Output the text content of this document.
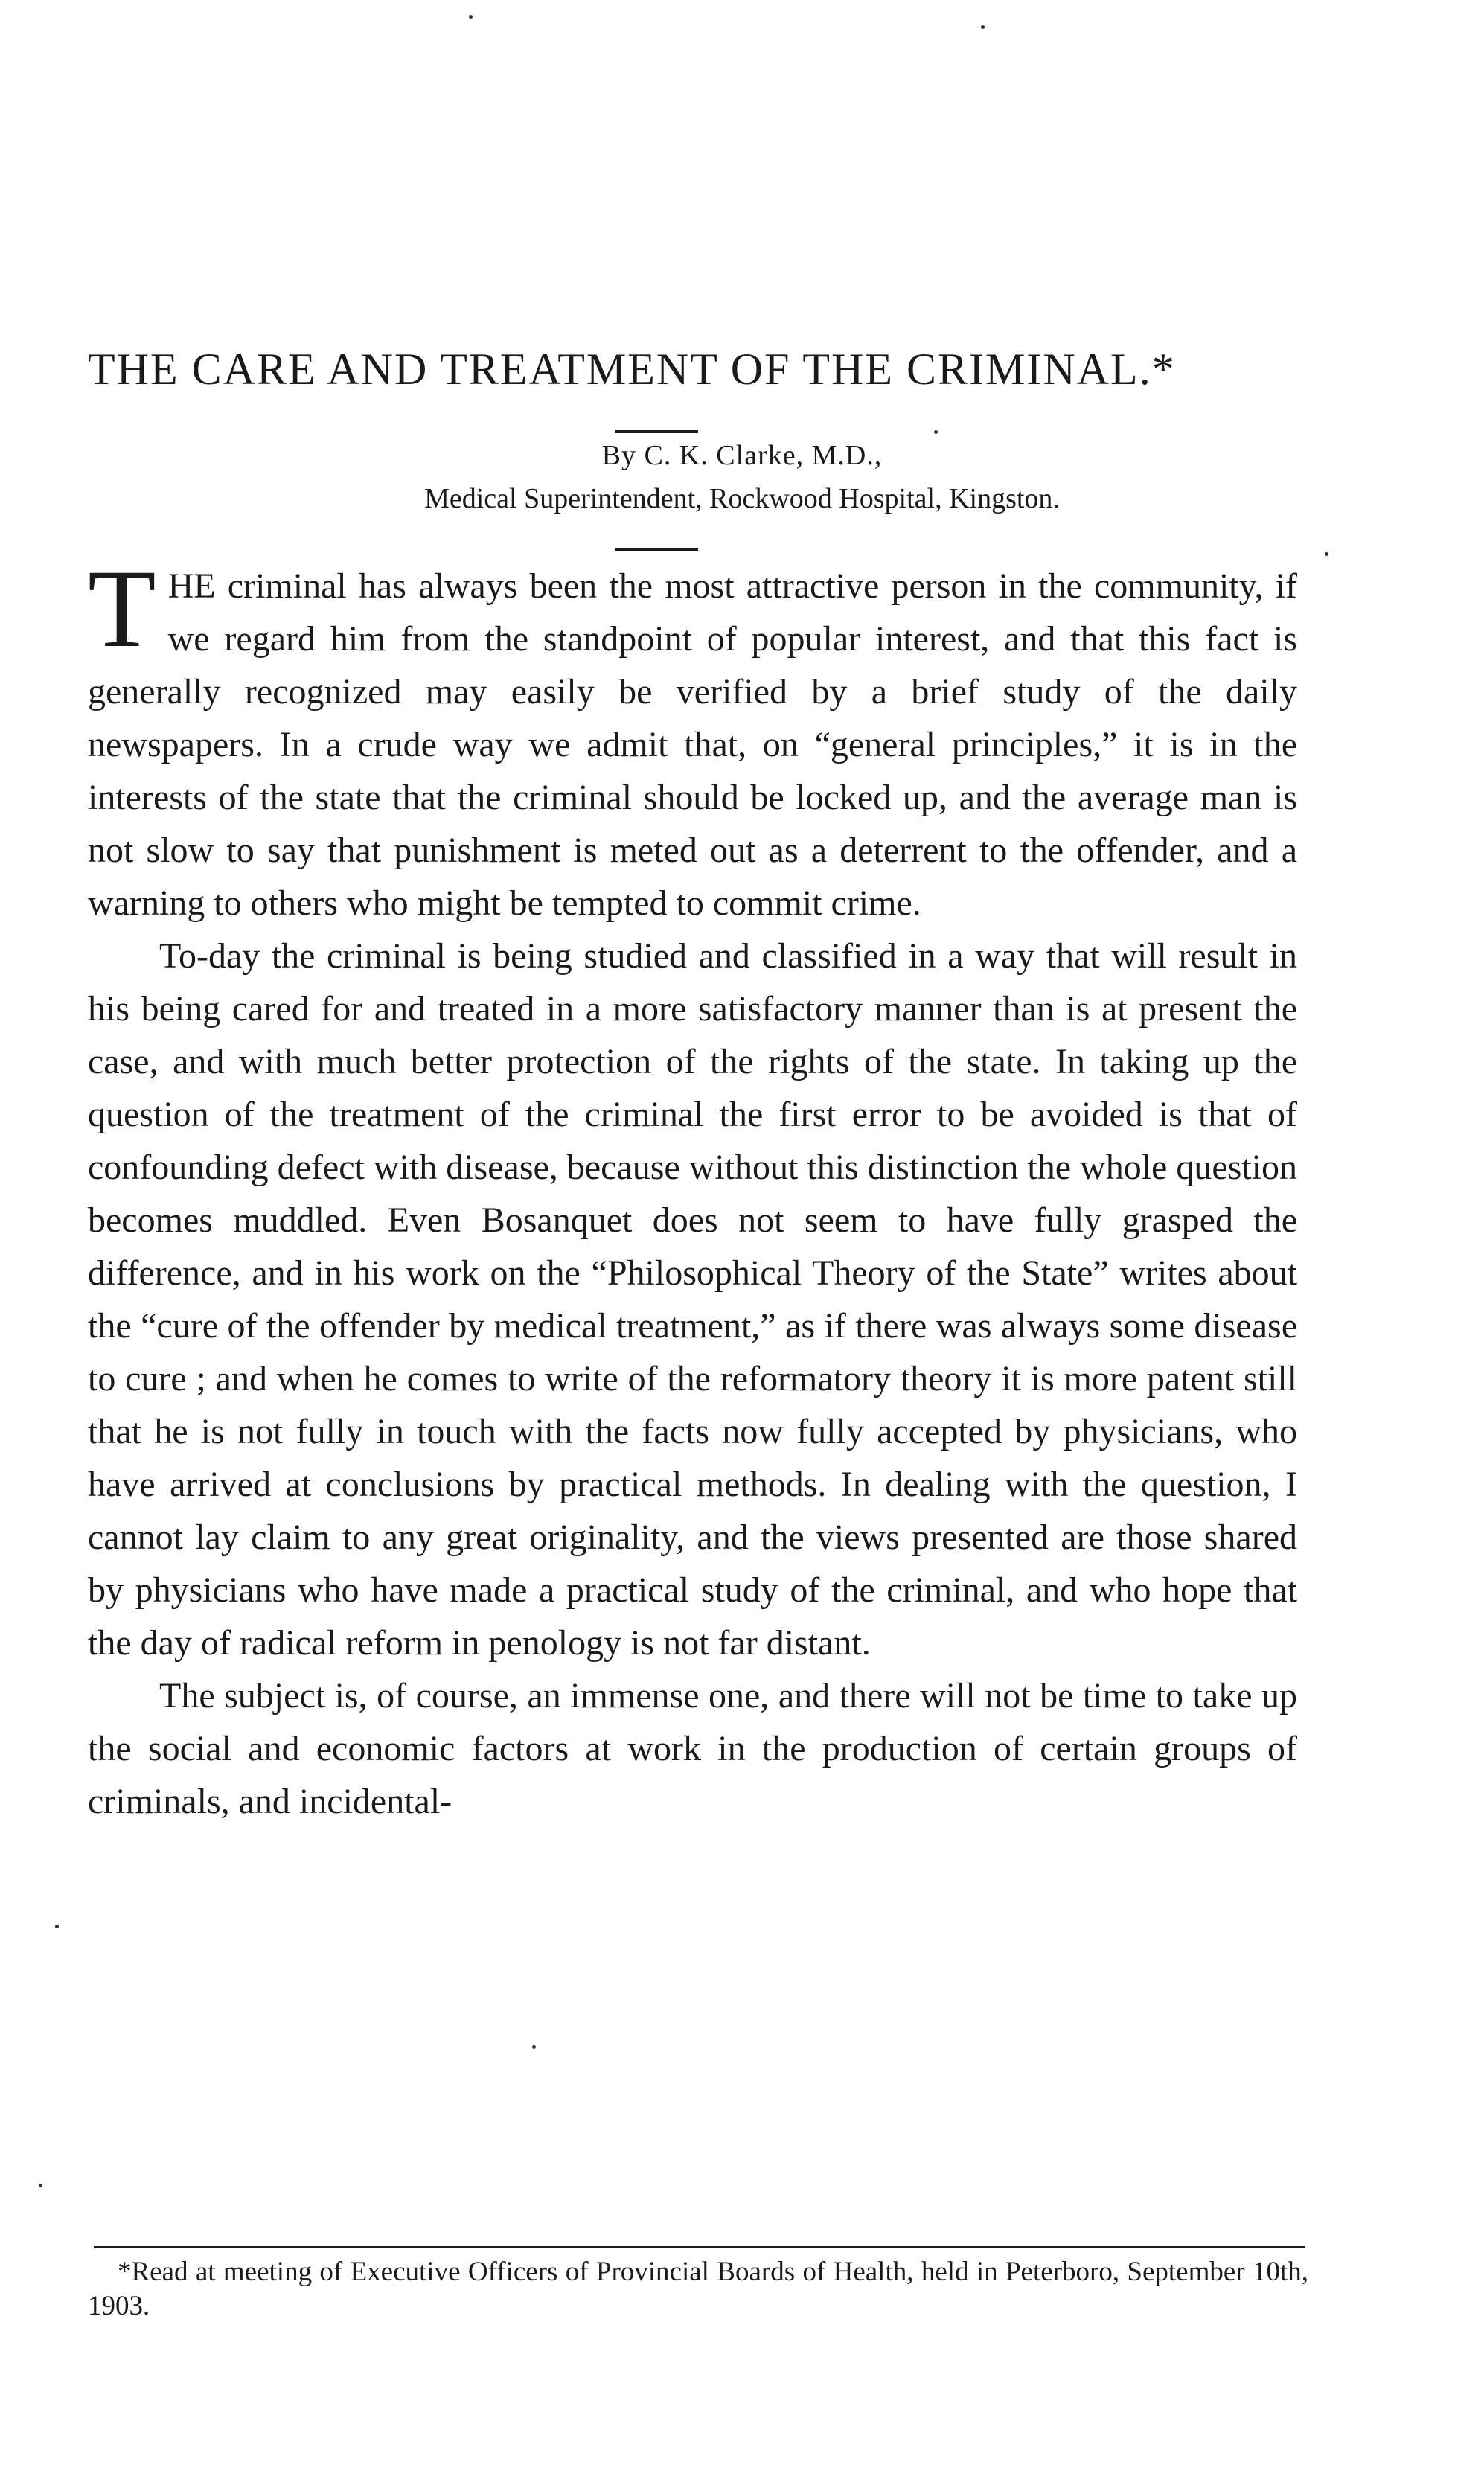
THE CARE AND TREATMENT OF THE CRIMINAL.*
By C. K. Clarke, M.D.,
Medical Superintendent, Rockwood Hospital, Kingston.

THE criminal has always been the most attractive person in the community, if we regard him from the standpoint of popular interest, and that this fact is generally recognized may easily be verified by a brief study of the daily newspapers. In a crude way we admit that, on “general principles,” it is in the interests of the state that the criminal should be locked up, and the average man is not slow to say that punishment is meted out as a deterrent to the offender, and a warning to others who might be tempted to commit crime.

To-day the criminal is being studied and classified in a way that will result in his being cared for and treated in a more satisfactory manner than is at present the case, and with much better protection of the rights of the state. In taking up the question of the treatment of the criminal the first error to be avoided is that of confounding defect with disease, because without this distinction the whole question becomes muddled. Even Bosanquet does not seem to have fully grasped the difference, and in his work on the “Philosophical Theory of the State” writes about the “cure of the offender by medical treatment,” as if there was always some disease to cure ; and when he comes to write of the reformatory theory it is more patent still that he is not fully in touch with the facts now fully accepted by physicians, who have arrived at conclusions by practical methods. In dealing with the question, I cannot lay claim to any great originality, and the views presented are those shared by physicians who have made a practical study of the criminal, and who hope that the day of radical reform in penology is not far distant.

The subject is, of course, an immense one, and there will not be time to take up the social and economic factors at work in the production of certain groups of criminals, and incidental-

*Read at meeting of Executive Officers of Provincial Boards of Health, held in Peterboro, September 10th, 1903.
